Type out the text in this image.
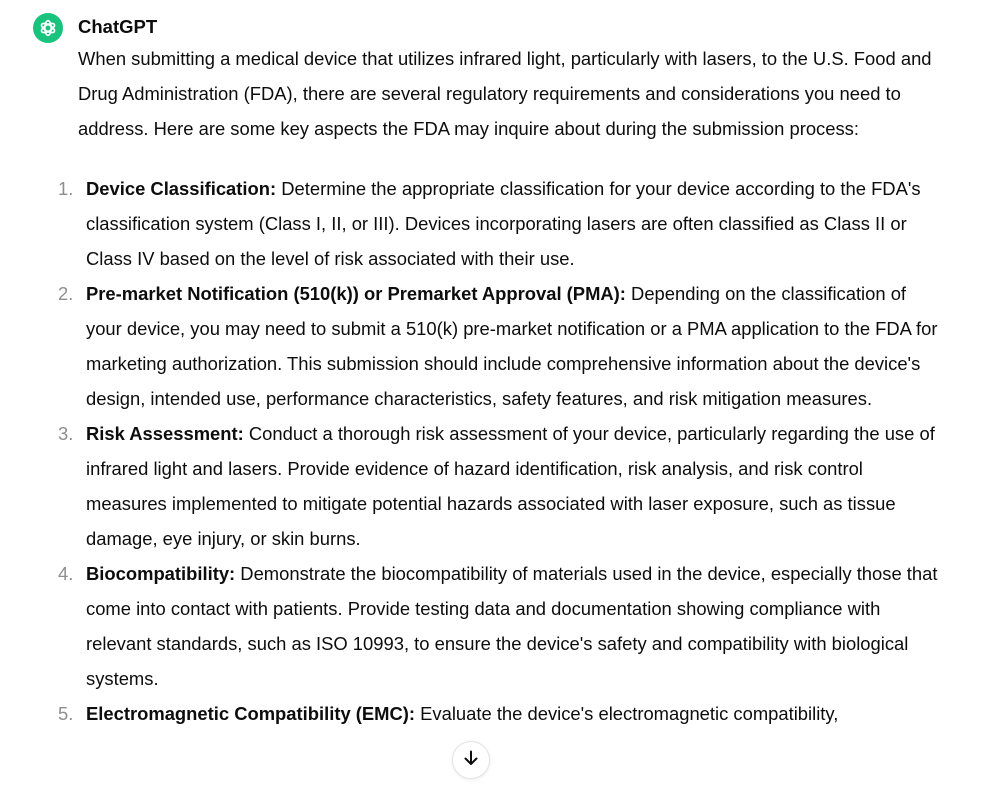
ChatGPT

When submitting a medical device that utilizes infrared light, particularly with lasers, to the U.S. Food and Drug Administration (FDA), there are several regulatory requirements and considerations you need to address. Here are some key aspects the FDA may inquire about during the submission process:

1. Device Classification: Determine the appropriate classification for your device according to the FDA's classification system (Class I, II, or III). Devices incorporating lasers are often classified as Class II or Class IV based on the level of risk associated with their use.
2. Pre-market Notification (510(k)) or Premarket Approval (PMA): Depending on the classification of your device, you may need to submit a 510(k) pre-market notification or a PMA application to the FDA for marketing authorization. This submission should include comprehensive information about the device's design, intended use, performance characteristics, safety features, and risk mitigation measures.
3. Risk Assessment: Conduct a thorough risk assessment of your device, particularly regarding the use of infrared light and lasers. Provide evidence of hazard identification, risk analysis, and risk control measures implemented to mitigate potential hazards associated with laser exposure, such as tissue damage, eye injury, or skin burns.
4. Biocompatibility: Demonstrate the biocompatibility of materials used in the device, especially those that come into contact with patients. Provide testing data and documentation showing compliance with relevant standards, such as ISO 10993, to ensure the device's safety and compatibility with biological systems.
5. Electromagnetic Compatibility (EMC): Evaluate the device's electromagnetic compatibility,
